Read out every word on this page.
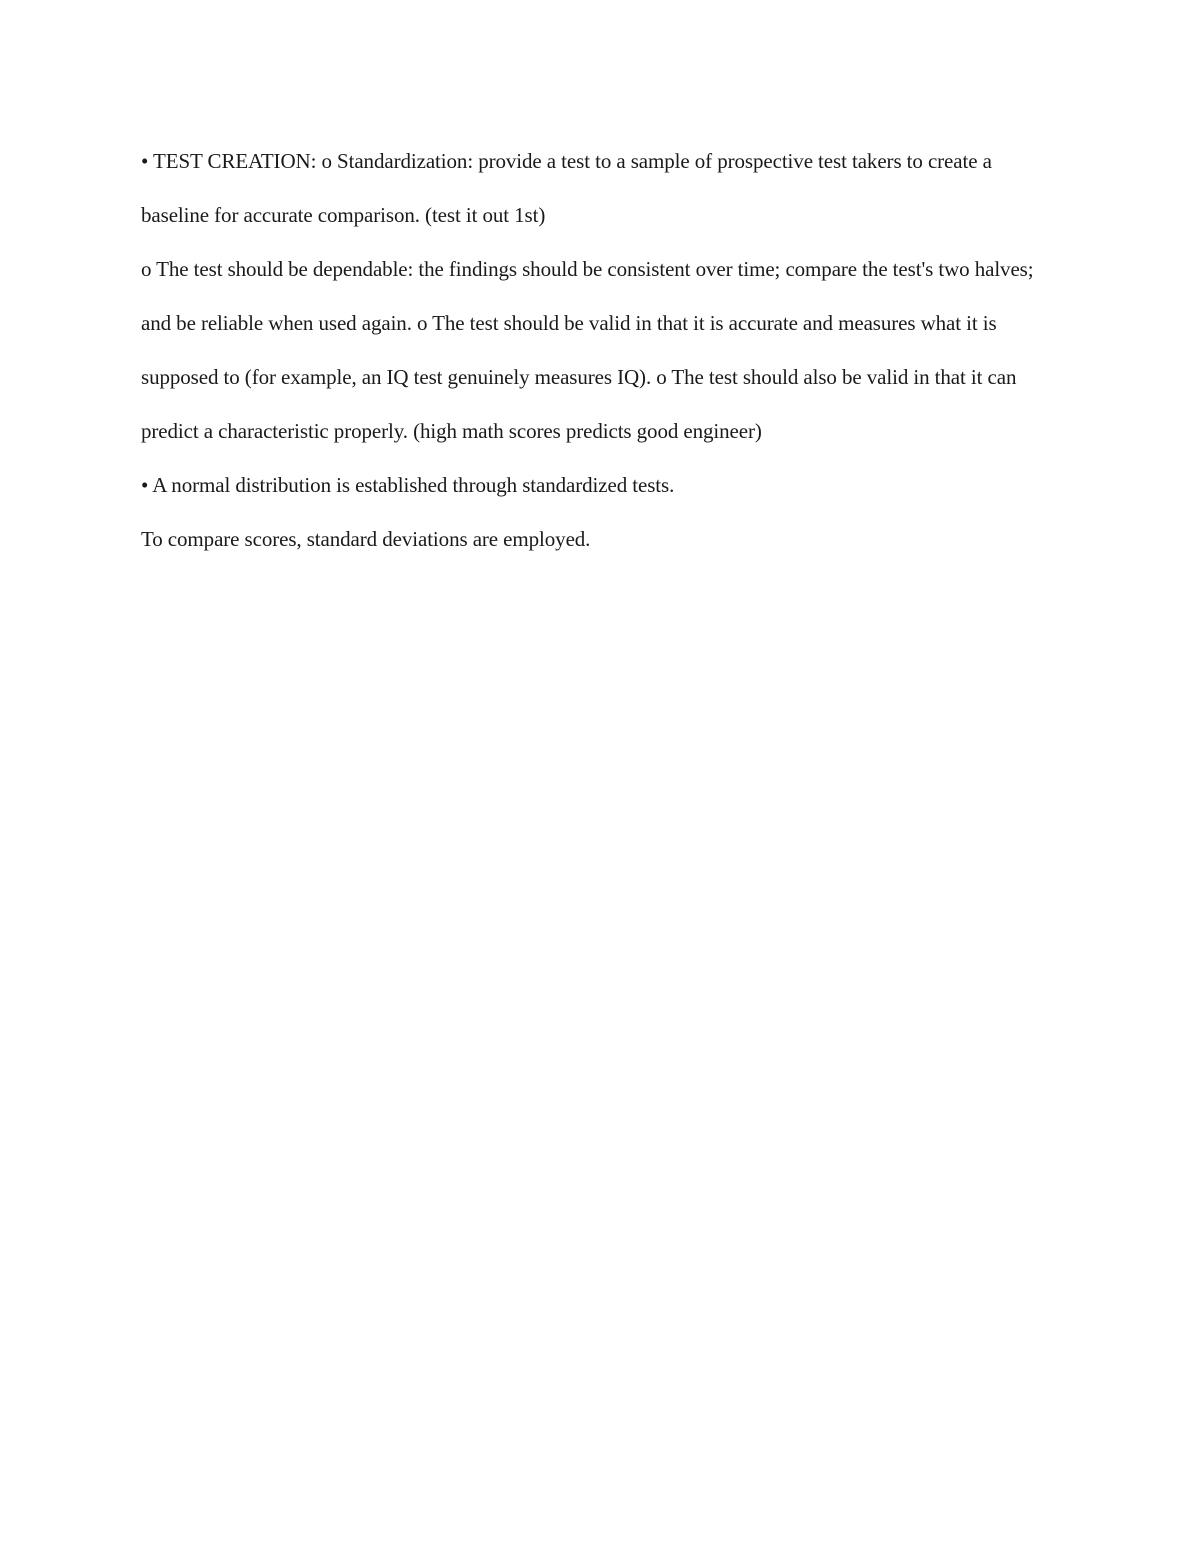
• TEST CREATION: o Standardization: provide a test to a sample of prospective test takers to create a baseline for accurate comparison. (test it out 1st)

o The test should be dependable: the findings should be consistent over time; compare the test's two halves; and be reliable when used again. o The test should be valid in that it is accurate and measures what it is supposed to (for example, an IQ test genuinely measures IQ). o The test should also be valid in that it can predict a characteristic properly. (high math scores predicts good engineer)

• A normal distribution is established through standardized tests.

To compare scores, standard deviations are employed.
